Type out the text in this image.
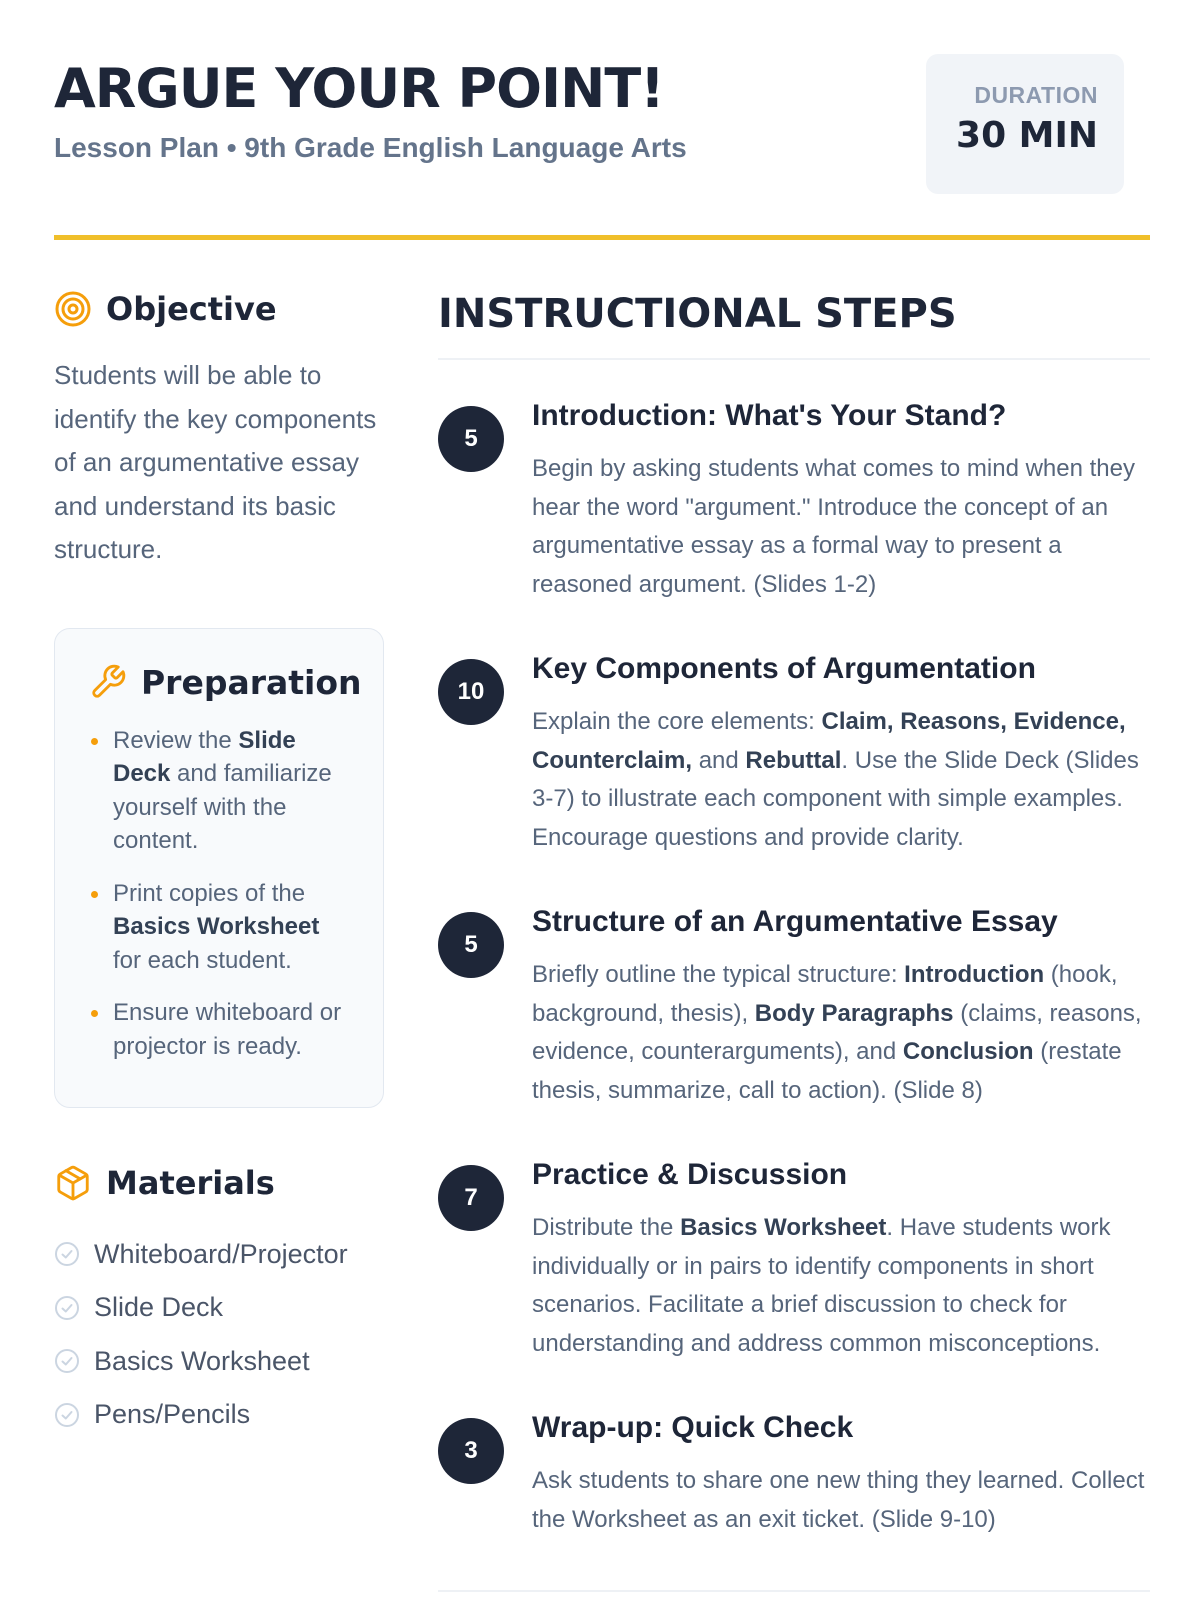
ARGUE YOUR POINT!
Lesson Plan • 9th Grade English Language Arts
DURATION
30 MIN
Objective

Students will be able to identify the key components of an argumentative essay and understand its basic structure.

Preparation
Review the Slide Deck and familiarize yourself with the content.
Print copies of the Basics Worksheet for each student.
Ensure whiteboard or projector is ready.
Materials
Whiteboard/Projector
Slide Deck
Basics Worksheet
Pens/Pencils
INSTRUCTIONAL STEPS
5
Introduction: What's Your Stand?

Begin by asking students what comes to mind when they hear the word "argument." Introduce the concept of an argumentative essay as a formal way to present a reasoned argument. (Slides 1-2)

10
Key Components of Argumentation

Explain the core elements: Claim, Reasons, Evidence, Counterclaim, and Rebuttal. Use the Slide Deck (Slides 3-7) to illustrate each component with simple examples. Encourage questions and provide clarity.

5
Structure of an Argumentative Essay

Briefly outline the typical structure: Introduction (hook, background, thesis), Body Paragraphs (claims, reasons, evidence, counterarguments), and Conclusion (restate thesis, summarize, call to action). (Slide 8)

7
Practice & Discussion

Distribute the Basics Worksheet. Have students work individually or in pairs to identify components in short scenarios. Facilitate a brief discussion to check for understanding and address common misconceptions.

3
Wrap-up: Quick Check

Ask students to share one new thing they learned. Collect the Worksheet as an exit ticket. (Slide 9-10)
